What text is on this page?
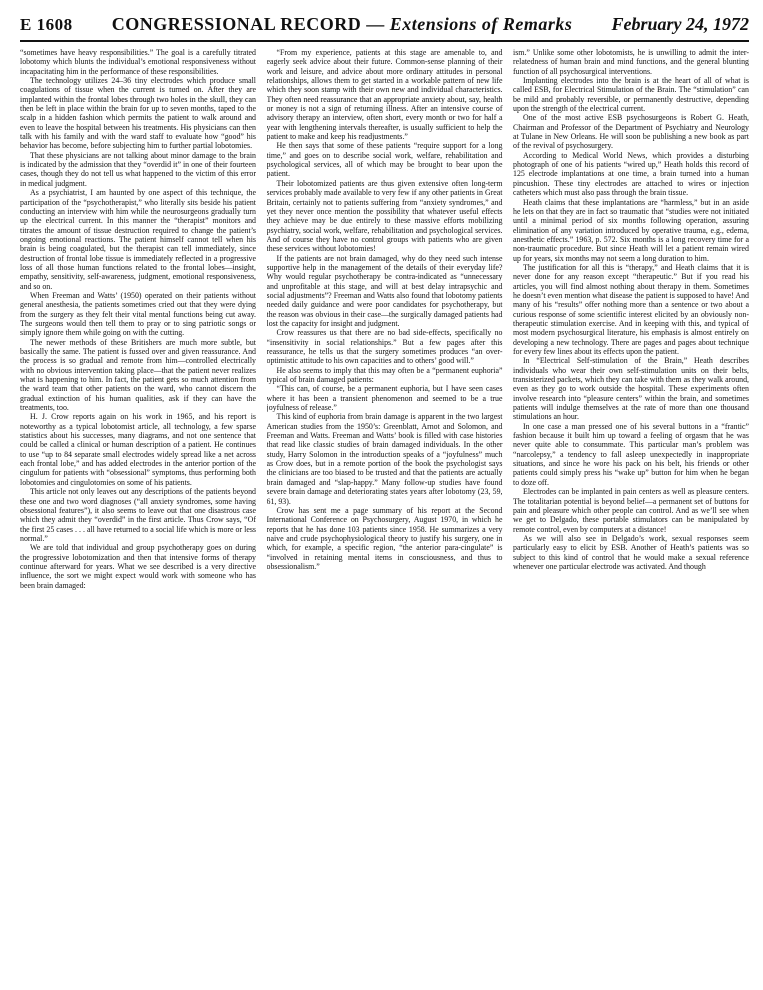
E 1608 CONGRESSIONAL RECORD — Extensions of Remarks February 24, 1972

“sometimes have heavy responsibilities.” The goal is a carefully titrated lobotomy which blunts the individual’s emotional responsiveness without incapacitating him in the performance of these responsibilities.

The technology utilizes 24–36 tiny electrodes which produce small coagulations of tissue when the current is turned on. After they are implanted within the frontal lobes through two holes in the skull, they can then be left in place within the brain for up to seven months, taped to the scalp in a hidden fashion which permits the patient to walk around and even to leave the hospital between his treatments. His physicians can then talk with his family and with the ward staff to evaluate how “good” his behavior has become, before subjecting him to further partial lobotomies.

That these physicians are not talking about minor damage to the brain is indicated by the admission that they “overdid it” in one of their fourteen cases, though they do not tell us what happened to the victim of this error in medical judgment.

As a psychiatrist, I am haunted by one aspect of this technique, the participation of the “psychotherapist,” who literally sits beside his patient conducting an interview with him while the neurosurgeons gradually turn up the electrical current. In this manner the “therapist” monitors and titrates the amount of tissue destruction required to change the patient’s ongoing emotional reactions. The patient himself cannot tell when his brain is being coagulated, but the therapist can tell immediately, since destruction of frontal lobe tissue is immediately reflected in a progressive loss of all those human functions related to the frontal lobes—insight, empathy, sensitivity, self-awareness, judgment, emotional responsiveness, and so on.

When Freeman and Watts’ (1950) operated on their patients without general anesthesia, the patients sometimes cried out that they were dying from the surgery as they felt their vital mental functions being cut away. The surgeons would then tell them to pray or to sing patriotic songs or simply ignore them while going on with the cutting.

The newer methods of these Britishers are much more subtle, but basically the same. The patient is fussed over and given reassurance. And the process is so gradual and remote from him—controlled electrically with no obvious intervention taking place—that the patient never realizes what is happening to him. In fact, the patient gets so much attention from the ward team that other patients on the ward, who cannot discern the gradual extinction of his human qualities, ask if they can have the treatments, too.

H. J. Crow reports again on his work in 1965, and his report is noteworthy as a typical lobotomist article, all technology, a few sparse statistics about his successes, many diagrams, and not one sentence that could be called a clinical or human description of a patient. He continues to use “up to 84 separate small electrodes widely spread like a net across each frontal lobe,” and has added electrodes in the anterior portion of the cingulum for patients with “obsessional” symptoms, thus performing both lobotomies and cingulotomies on some of his patients.

This article not only leaves out any descriptions of the patients beyond these one and two word diagnoses (“all anxiety syndromes, some having obsessional features”), it also seems to leave out that one disastrous case which they admit they “overdid” in the first article. Thus Crow says, “Of the first 25 cases . . . all have returned to a social life which is more or less normal.”

We are told that individual and group psychotherapy goes on during the progressive lobotomization and then that intensive forms of therapy continue afterward for years. What we see described is a very directive influence, the sort we might expect would work with someone who has been brain damaged:

“From my experience, patients at this stage are amenable to, and eagerly seek advice about their future. Common-sense planning of their work and leisure, and advice about more ordinary attitudes in personal relationships, allows them to get started in a workable pattern of new life which they soon stamp with their own new and individual characteristics. They often need reassurance that an appropriate anxiety about, say, health or money is not a sign of returning illness. After an intensive course of advisory therapy an interview, often short, every month or two for half a year with lengthening intervals thereafter, is usually sufficient to help the patient to make and keep his readjustments.”

He then says that some of these patients “require support for a long time,” and goes on to describe social work, welfare, rehabilitation and psychological services, all of which may be brought to bear upon the patient.

Their lobotomized patients are thus given extensive often long-term services probably made available to very few if any other patients in Great Britain, certainly not to patients suffering from “anxiety syndromes,” and yet they never once mention the possibility that whatever useful effects they achieve may be due entirely to these massive efforts mobilizing psychiatry, social work, welfare, rehabilitation and psychological services. And of course they have no control groups with patients who are given these services without lobotomies!

If the patients are not brain damaged, why do they need such intense supportive help in the management of the details of their everyday life? Why would regular psychotherapy be contra-indicated as “unnecessary and unprofitable at this stage, and will at best delay intrapsychic and social adjustments”? Freeman and Watts also found that lobotomy patients needed daily guidance and were poor candidates for psychotherapy, but the reason was obvious in their case—the surgically damaged patients had lost the capacity for insight and judgment.

Crow reassures us that there are no bad side-effects, specifically no “insensitivity in social relationships.” But a few pages after this reassurance, he tells us that the surgery sometimes produces “an over-optimistic attitude to his own capacities and to others’ good will.”

He also seems to imply that this may often be a “permanent euphoria” typical of brain damaged patients:

“This can, of course, be a permanent euphoria, but I have seen cases where it has been a transient phenomenon and seemed to be a true joyfulness of release.”

This kind of euphoria from brain damage is apparent in the two largest American studies from the 1950’s: Greenblatt, Arnot and Solomon, and Freeman and Watts. Freeman and Watts’ book is filled with case histories that read like classic studies of brain damaged individuals. In the other study, Harry Solomon in the introduction speaks of a “joyfulness” much as Crow does, but in a remote portion of the book the psychologist says the clinicians are too biased to be trusted and that the patients are actually brain damaged and “slap-happy.” Many follow-up studies have found severe brain damage and deteriorating states years after lobotomy (23, 59, 61, 93).

Crow has sent me a page summary of his report at the Second International Conference on Psychosurgery, August 1970, in which he reports that he has done 103 patients since 1958. He summarizes a very naive and crude psychophysiological theory to justify his surgery, one in which, for example, a specific region, “the anterior para-cingulate” is “involved in retaining mental items in consciousness, and thus to obsessionalism.”

ism.” Unlike some other lobotomists, he is unwilling to admit the inter-relatedness of human brain and mind functions, and the general blunting function of all psychosurgical interventions.

Implanting electrodes into the brain is at the heart of all of what is called ESB, for Electrical Stimulation of the Brain. The “stimulation” can be mild and probably reversible, or permanently destructive, depending upon the strength of the electrical current.

One of the most active ESB psychosurgeons is Robert G. Heath, Chairman and Professor of the Department of Psychiatry and Neurology at Tulane in New Orleans. He will soon be publishing a new book as part of the revival of psychosurgery.

According to Medical World News, which provides a disturbing photograph of one of his patients “wired up,” Heath holds this record of 125 electrode implantations at one time, a brain turned into a human pincushion. These tiny electrodes are attached to wires or injection catheters which must also pass through the brain tissue.

Heath claims that these implantations are “harmless,” but in an aside he lets on that they are in fact so traumatic that “studies were not initiated until a minimal period of six months following operation, assuring elimination of any variation introduced by operative trauma, e.g., edema, anesthetic effects.” 1963, p. 572. Six months is a long recovery time for a non-traumatic procedure. But since Heath will let a patient remain wired up for years, six months may not seem a long duration to him.

The justification for all this is “therapy,” and Heath claims that it is never done for any reason except “therapeutic.” But if you read his articles, you will find almost nothing about therapy in them. Sometimes he doesn’t even mention what disease the patient is supposed to have! And many of his “results” offer nothing more than a sentence or two about a curious response of some scientific interest elicited by an obviously non-therapeutic stimulation exercise. And in keeping with this, and typical of most modern psychosurgical literature, his emphasis is almost entirely on developing a new technology. There are pages and pages about technique for every few lines about its effects upon the patient.

In “Electrical Self-stimulation of the Brain,” Heath describes individuals who wear their own self-stimulation units on their belts, transisterized packets, which they can take with them as they walk around, even as they go to work outside the hospital. These experiments often involve research into “pleasure centers” within the brain, and sometimes patients will indulge themselves at the rate of more than one thousand stimulations an hour.

In one case a man pressed one of his several buttons in a “frantic” fashion because it built him up toward a feeling of orgasm that he was never quite able to consummate. This particular man’s problem was “narcolepsy,” a tendency to fall asleep unexpectedly in inappropriate situations, and since he wore his pack on his belt, his friends or other patients could simply press his “wake up” button for him when he began to doze off.

Electrodes can be implanted in pain centers as well as pleasure centers. The totalitarian potential is beyond belief—a permanent set of buttons for pain and pleasure which other people can control. And as we’ll see when we get to Delgado, these portable stimulators can be manipulated by remote control, even by computers at a distance!

As we will also see in Delgado’s work, sexual responses seem particularly easy to elicit by ESB. Another of Heath’s patients was so subject to this kind of control that he would make a sexual reference whenever one particular electrode was activated. And though
